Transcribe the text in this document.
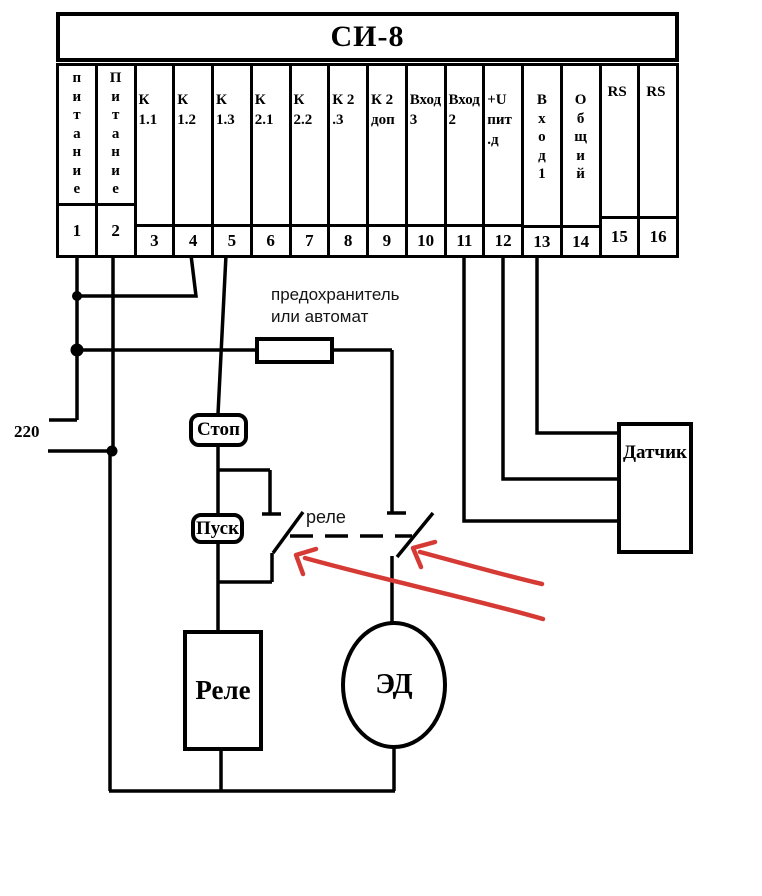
СИ-8
п
и
т
а
н
и
е
1
П
и
т
а
н
и
е
2
К
1.1
3
К
1.2
4
К
1.3
5
К
2.1
6
К
2.2
7
К 2
.3
8
К 2
доп
9
Вход
3
10
Вход
2
11
+U
пит
.д
12
В
х
о
д
1
13
О
б
щ
и
й
14
RS
15
RS
16
предохранитель
или автомат
220	Стоп
Пуск
реле
Реле	ЭД
Датчик
